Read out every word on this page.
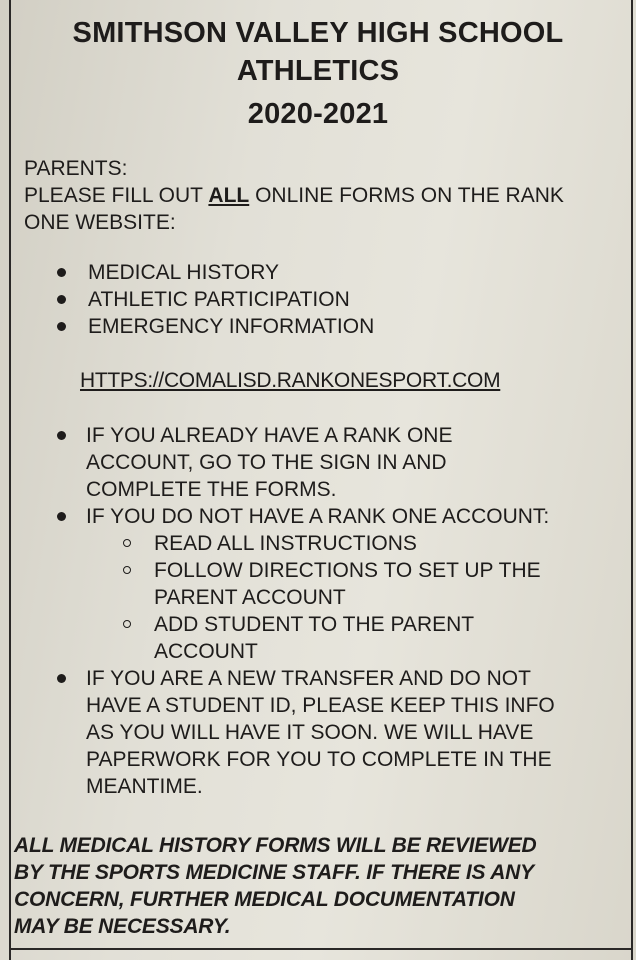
SMITHSON VALLEY HIGH SCHOOL
ATHLETICS
2020-2021
PARENTS:
PLEASE FILL OUT ALL ONLINE FORMS ON THE RANK
ONE WEBSITE:
MEDICAL HISTORY
ATHLETIC PARTICIPATION
EMERGENCY INFORMATION
HTTPS://COMALISD.RANKONESPORT.COM
IF YOU ALREADY HAVE A RANK ONE
ACCOUNT, GO TO THE SIGN IN AND
COMPLETE THE FORMS.
IF YOU DO NOT HAVE A RANK ONE ACCOUNT:
READ ALL INSTRUCTIONS
FOLLOW DIRECTIONS TO SET UP THE
PARENT ACCOUNT
ADD STUDENT TO THE PARENT
ACCOUNT
IF YOU ARE A NEW TRANSFER AND DO NOT
HAVE A STUDENT ID, PLEASE KEEP THIS INFO
AS YOU WILL HAVE IT SOON. WE WILL HAVE
PAPERWORK FOR YOU TO COMPLETE IN THE
MEANTIME.
ALL MEDICAL HISTORY FORMS WILL BE REVIEWED
BY THE SPORTS MEDICINE STAFF. IF THERE IS ANY
CONCERN, FURTHER MEDICAL DOCUMENTATION
MAY BE NECESSARY.
